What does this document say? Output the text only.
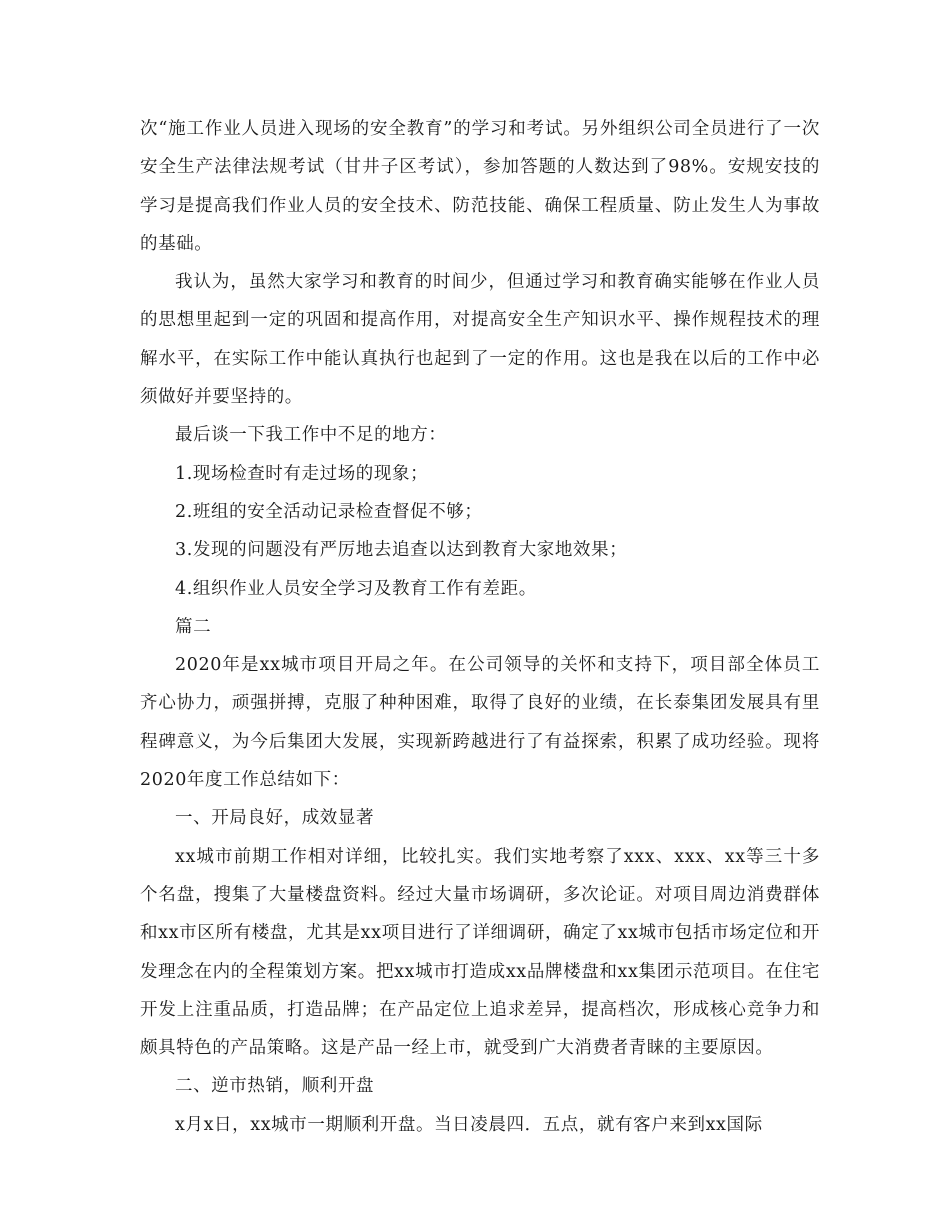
次“施工作业人员进入现场的安全教育”的学习和考试。另外组织公司全员进行了一次安全生产法律法规考试（甘井子区考试），参加答题的人数达到了98%。安规安技的学习是提高我们作业人员的安全技术、防范技能、确保工程质量、防止发生人为事故的基础。

我认为，虽然大家学习和教育的时间少，但通过学习和教育确实能够在作业人员的思想里起到一定的巩固和提高作用，对提高安全生产知识水平、操作规程技术的理解水平，在实际工作中能认真执行也起到了一定的作用。这也是我在以后的工作中必须做好并要坚持的。

最后谈一下我工作中不足的地方：

1.现场检查时有走过场的现象；

2.班组的安全活动记录检查督促不够；

3.发现的问题没有严厉地去追查以达到教育大家地效果；

4.组织作业人员安全学习及教育工作有差距。

篇二

2020年是xx城市项目开局之年。在公司领导的关怀和支持下，项目部全体员工齐心协力，顽强拼搏，克服了种种困难，取得了良好的业绩，在长泰集团发展具有里程碑意义，为今后集团大发展，实现新跨越进行了有益探索，积累了成功经验。现将2020年度工作总结如下：

一、开局良好，成效显著

xx城市前期工作相对详细，比较扎实。我们实地考察了xxx、xxx、xx等三十多个名盘，搜集了大量楼盘资料。经过大量市场调研，多次论证。对项目周边消费群体和xx市区所有楼盘，尤其是xx项目进行了详细调研，确定了xx城市包括市场定位和开发理念在内的全程策划方案。把xx城市打造成xx品牌楼盘和xx集团示范项目。在住宅开发上注重品质，打造品牌；在产品定位上追求差异，提高档次，形成核心竞争力和颇具特色的产品策略。这是产品一经上市，就受到广大消费者青睐的主要原因。

二、逆市热销，顺利开盘

x月x日，xx城市一期顺利开盘。当日凌晨四．五点，就有客户来到xx国际
